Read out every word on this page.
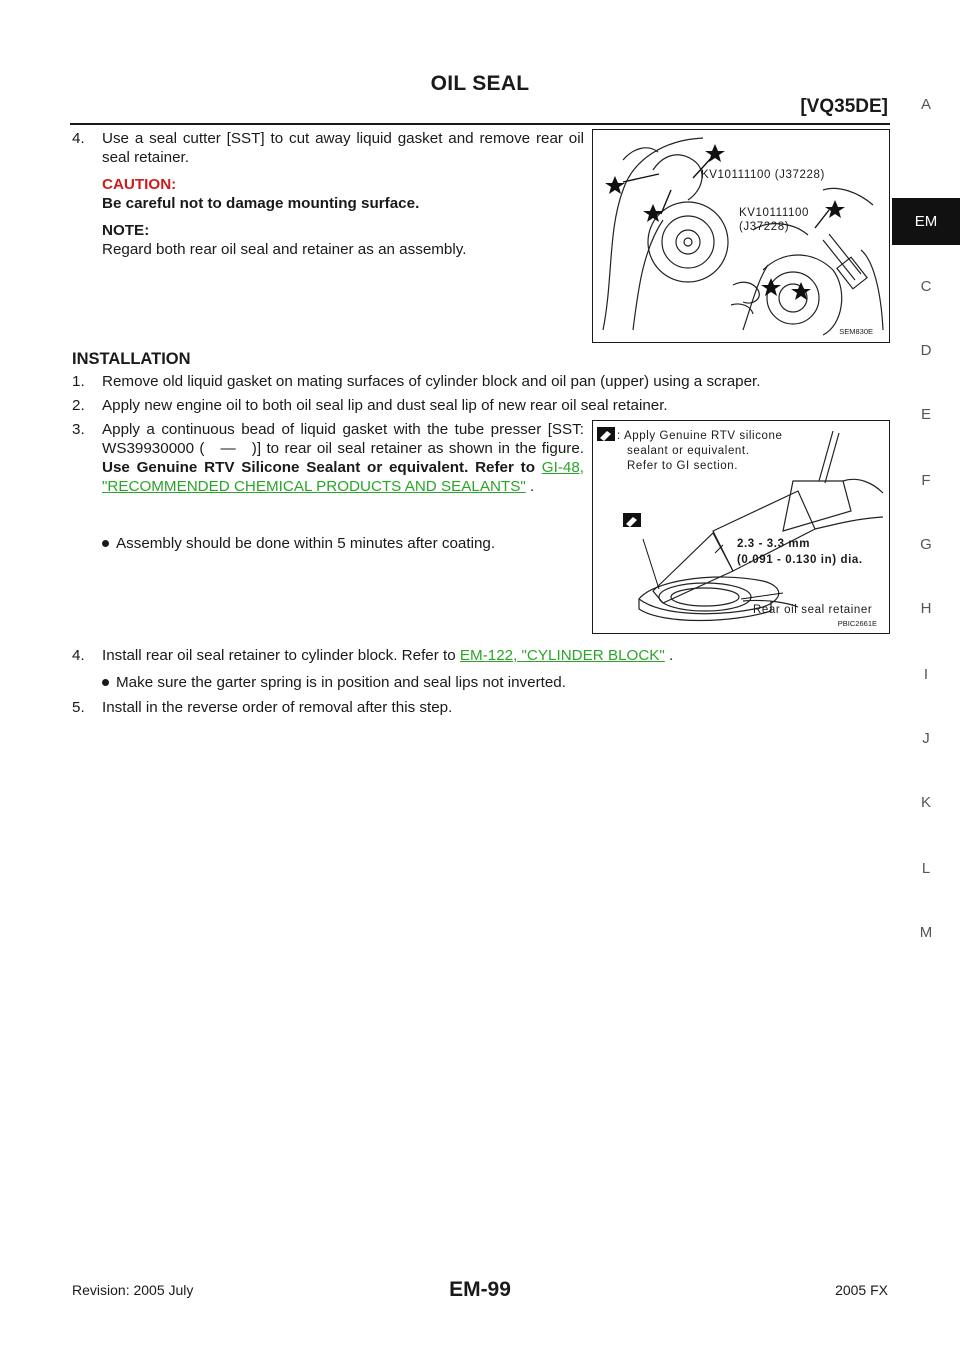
OIL SEAL
[VQ35DE]
4. Use a seal cutter [SST] to cut away liquid gasket and remove rear oil seal retainer.
CAUTION:
Be careful not to damage mounting surface.
NOTE:
Regard both rear oil seal and retainer as an assembly.
KV10111100 (J37228)
KV10111100
(J37228)
SEM830E
INSTALLATION
1. Remove old liquid gasket on mating surfaces of cylinder block and oil pan (upper) using a scraper.
2. Apply new engine oil to both oil seal lip and dust seal lip of new rear oil seal retainer.
3. Apply a continuous bead of liquid gasket with the tube presser [SST: WS39930000 (   —   )] to rear oil seal retainer as shown in the figure. Use Genuine RTV Silicone Sealant or equivalent. Refer to GI-48, "RECOMMENDED CHEMICAL PRODUCTS AND SEALANTS" .
Assembly should be done within 5 minutes after coating.
4. Install rear oil seal retainer to cylinder block. Refer to EM-122, "CYLINDER BLOCK" .
Make sure the garter spring is in position and seal lips not inverted.
5. Install in the reverse order of removal after this step.
: Apply Genuine RTV silicone
sealant or equivalent.
Refer to GI section.
2.3 - 3.3 mm
(0.091 - 0.130 in) dia.
Rear oil seal retainer
PBIC2661E
A
EM
C
D
E
F
G
H
I
J
K
L
M
Revision: 2005 July	EM-99	2005 FX
